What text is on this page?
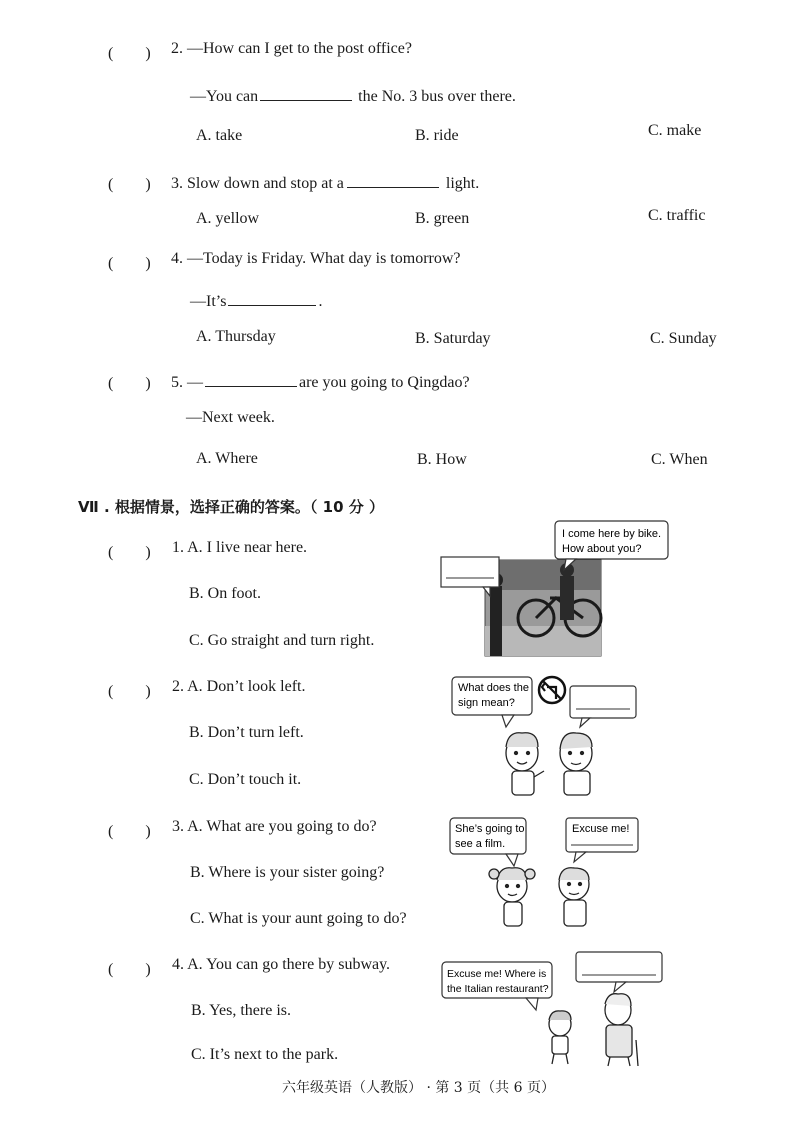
(　　) 2. —How can I get to the post office?
—You can	the No. 3 bus over there.
A. take	B. ride	C. make
(　　) 3. Slow down and stop at a	light.
A. yellow	B. green	C. traffic
(　　) 4. —Today is Friday. What day is tomorrow?
—It’s	.
A. Thursday	B. Saturday	C. Sunday
(　　) 5. —	are you going to Qingdao?
—Next week.
A. Where	B. How	C. When
Ⅶ . 根据情景，选择正确的答案。（ 10 分 ）
(　　) 1. A. I live near here.
B. On foot.
C. Go straight and turn right.
I come here by bike.
How about you?
(　　) 2. A. Don’t look left.
B. Don’t turn left.
C. Don’t touch it.
What does the
sign mean?
(　　) 3. A. What are you going to do?
B. Where is your sister going?
C. What is your aunt going to do?
She’s going to
see a film.
Excuse me!
(　　) 4. A. You can go there by subway.
B. Yes, there is.
C. It’s next to the park.
Excuse me! Where is
the Italian restaurant?
六年级英语（人教版） · 第 3 页（共 6 页）
